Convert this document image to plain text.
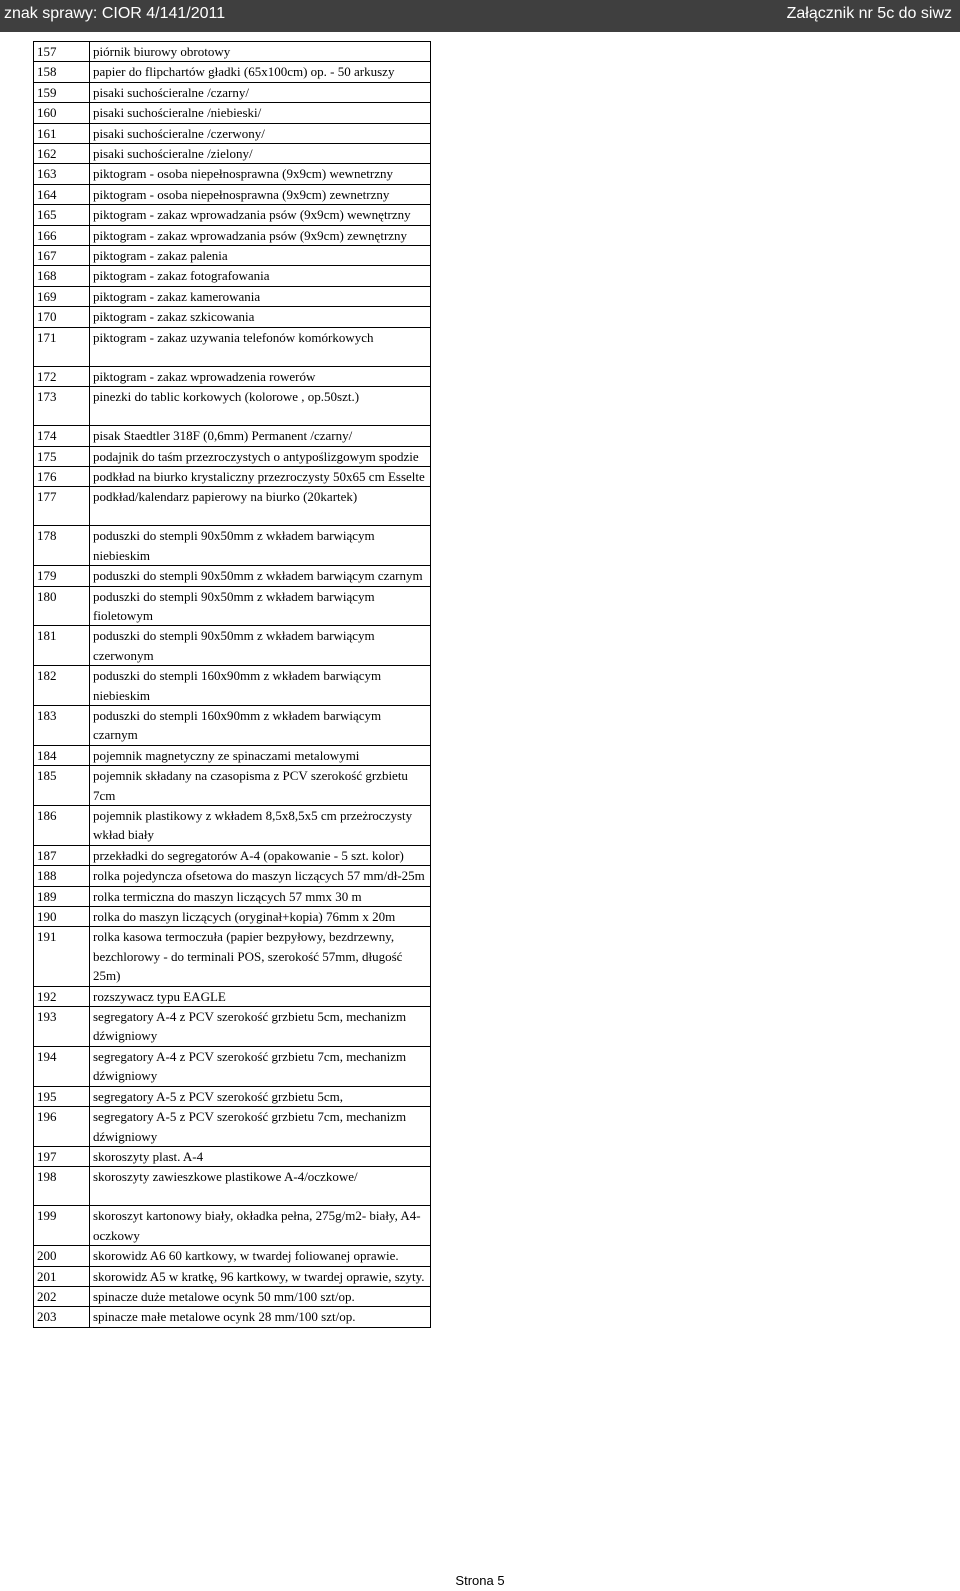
znak sprawy: CIOR 4/141/2011	Załącznik nr 5c do siwz
157	piórnik biurowy obrotowy
158	papier do flipchartów gładki (65x100cm) op. - 50 arkuszy
159	pisaki suchościeralne /czarny/
160	pisaki suchościeralne /niebieski/
161	pisaki suchościeralne /czerwony/
162	pisaki suchościeralne /zielony/
163	piktogram - osoba niepełnosprawna (9x9cm) wewnetrzny
164	piktogram - osoba niepełnosprawna (9x9cm) zewnetrzny
165	piktogram - zakaz wprowadzania psów (9x9cm) wewnętrzny
166	piktogram - zakaz wprowadzania psów (9x9cm) zewnętrzny
167	piktogram - zakaz palenia
168	piktogram - zakaz fotografowania
169	piktogram - zakaz kamerowania
170	piktogram - zakaz szkicowania
171	piktogram - zakaz uzywania telefonów komórkowych
172	piktogram - zakaz wprowadzenia rowerów
173	pinezki do tablic korkowych (kolorowe , op.50szt.)
174	pisak Staedtler 318F (0,6mm) Permanent /czarny/
175	podajnik do taśm przezroczystych o antypoślizgowym spodzie
176	podkład na biurko krystaliczny przezroczysty 50x65 cm Esselte
177	podkład/kalendarz papierowy na biurko (20kartek)
178	poduszki do stempli 90x50mm z wkładem barwiącym niebieskim
179	poduszki do stempli 90x50mm z wkładem barwiącym czarnym
180	poduszki do stempli 90x50mm z wkładem barwiącym fioletowym
181	poduszki do stempli 90x50mm z wkładem barwiącym czerwonym
182	poduszki do stempli 160x90mm z wkładem barwiącym niebieskim
183	poduszki do stempli 160x90mm z wkładem barwiącym czarnym
184	pojemnik magnetyczny ze spinaczami metalowymi
185	pojemnik składany na czasopisma z PCV szerokość grzbietu 7cm
186	pojemnik plastikowy z wkładem 8,5x8,5x5 cm przeżroczysty wkład biały
187	przekładki do segregatorów A-4 (opakowanie - 5 szt. kolor)
188	rolka pojedyncza ofsetowa do maszyn liczących 57 mm/dł-25m
189	rolka termiczna do maszyn liczących 57 mmx 30 m
190	rolka do maszyn liczących (oryginał+kopia) 76mm x 20m
191	rolka kasowa termoczuła (papier bezpyłowy, bezdrzewny, bezchlorowy - do terminali POS, szerokość 57mm, długość 25m)
192	rozszywacz typu EAGLE
193	segregatory A-4 z PCV szerokość grzbietu 5cm, mechanizm dźwigniowy
194	segregatory A-4 z PCV szerokość grzbietu 7cm, mechanizm dźwigniowy
195	segregatory A-5 z PCV szerokość grzbietu 5cm,
196	segregatory A-5 z PCV szerokość grzbietu 7cm, mechanizm dźwigniowy
197	skoroszyty plast. A-4
198	skoroszyty zawieszkowe plastikowe A-4/oczkowe/
199	skoroszyt kartonowy biały, okładka pełna, 275g/m2- biały, A4-oczkowy
200	skorowidz A6 60 kartkowy, w twardej foliowanej oprawie.
201	skorowidz A5 w kratkę, 96 kartkowy, w twardej oprawie, szyty.
202	spinacze duże metalowe ocynk 50 mm/100 szt/op.
203	spinacze małe metalowe ocynk 28 mm/100 szt/op.
Strona 5
